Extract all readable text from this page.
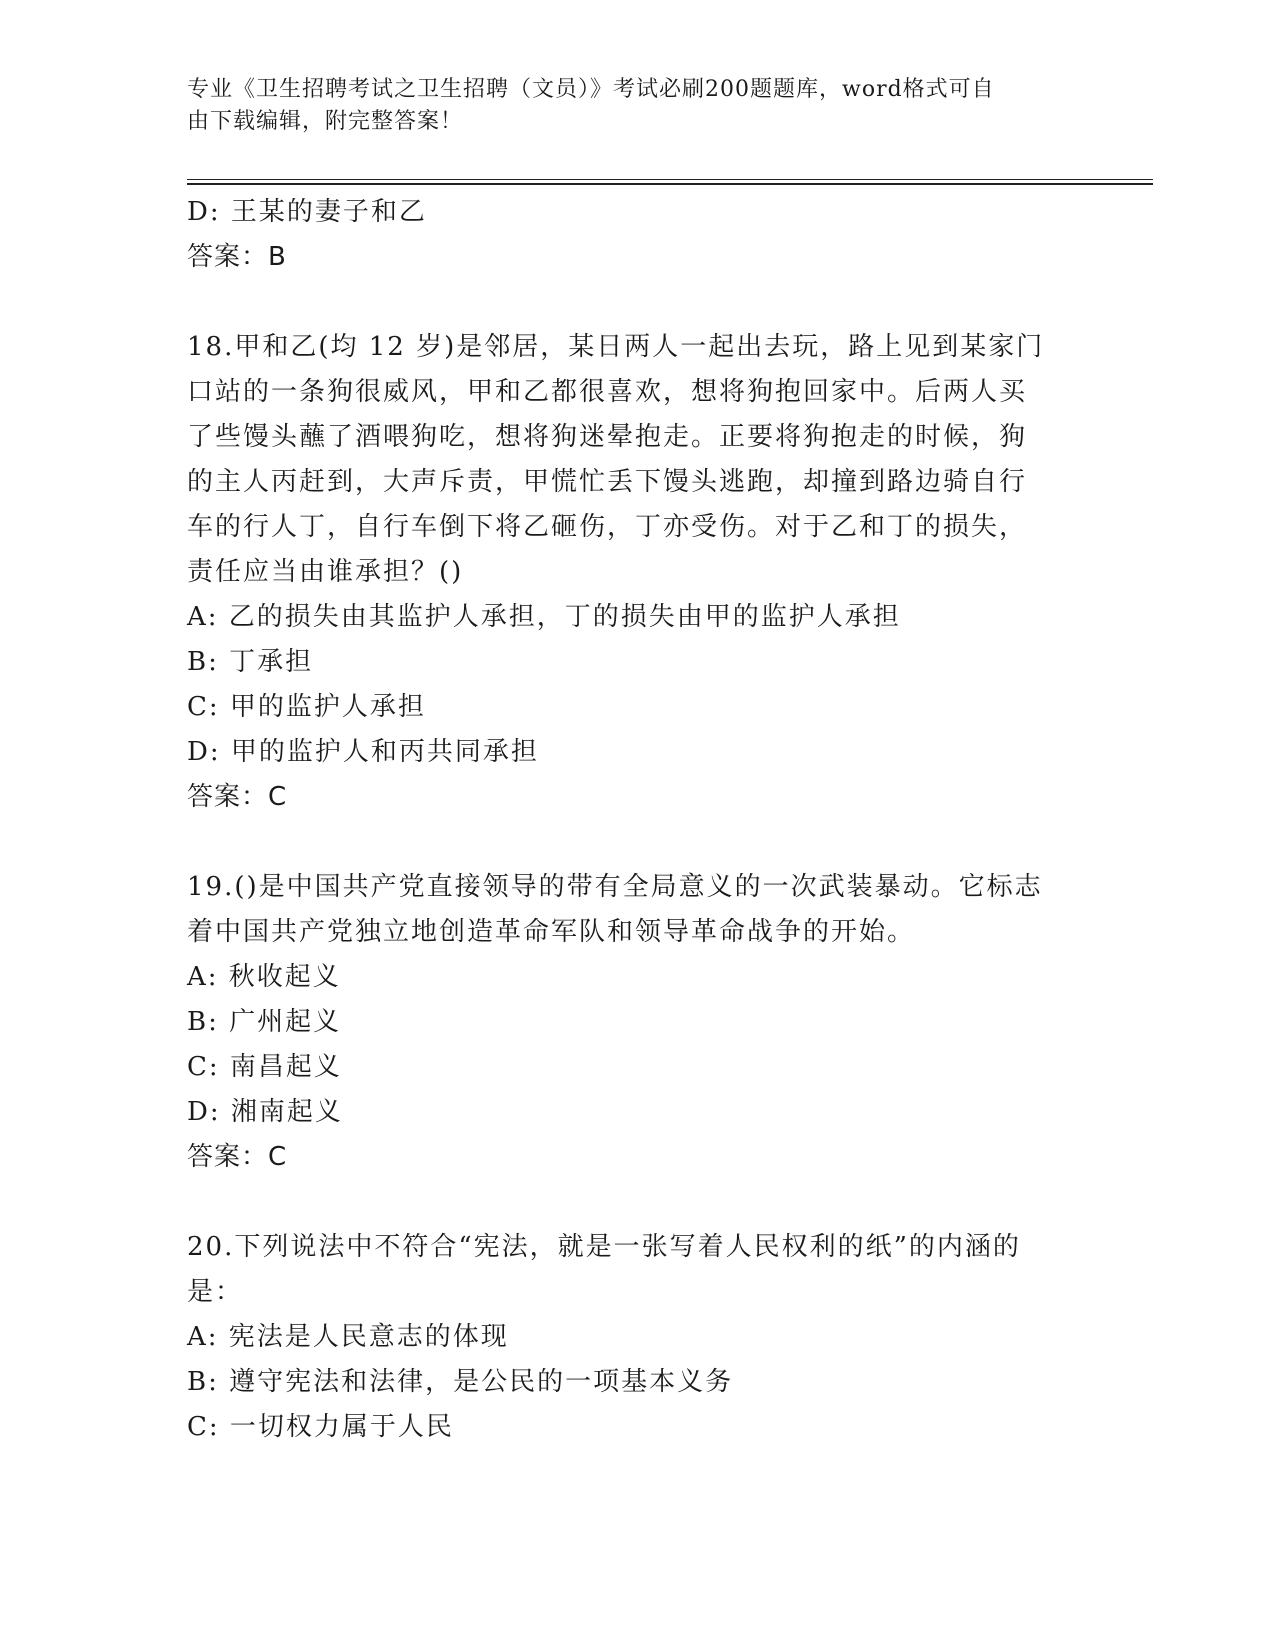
专业《卫生招聘考试之卫生招聘（文员）》考试必刷200题题库，word格式可自
由下载编辑，附完整答案！
D: 王某的妻子和乙
答案：B
18.甲和乙(均 12 岁)是邻居，某日两人一起出去玩，路上见到某家门
口站的一条狗很威风，甲和乙都很喜欢，想将狗抱回家中。后两人买
了些馒头蘸了酒喂狗吃，想将狗迷晕抱走。正要将狗抱走的时候，狗
的主人丙赶到，大声斥责，甲慌忙丢下馒头逃跑，却撞到路边骑自行
车的行人丁，自行车倒下将乙砸伤，丁亦受伤。对于乙和丁的损失，
责任应当由谁承担？()
A: 乙的损失由其监护人承担，丁的损失由甲的监护人承担
B: 丁承担
C: 甲的监护人承担
D: 甲的监护人和丙共同承担
答案：C
19.()是中国共产党直接领导的带有全局意义的一次武装暴动。它标志
着中国共产党独立地创造革命军队和领导革命战争的开始。
A: 秋收起义
B: 广州起义
C: 南昌起义
D: 湘南起义
答案：C
20.下列说法中不符合“宪法，就是一张写着人民权利的纸”的内涵的
是：
A: 宪法是人民意志的体现
B: 遵守宪法和法律，是公民的一项基本义务
C: 一切权力属于人民
